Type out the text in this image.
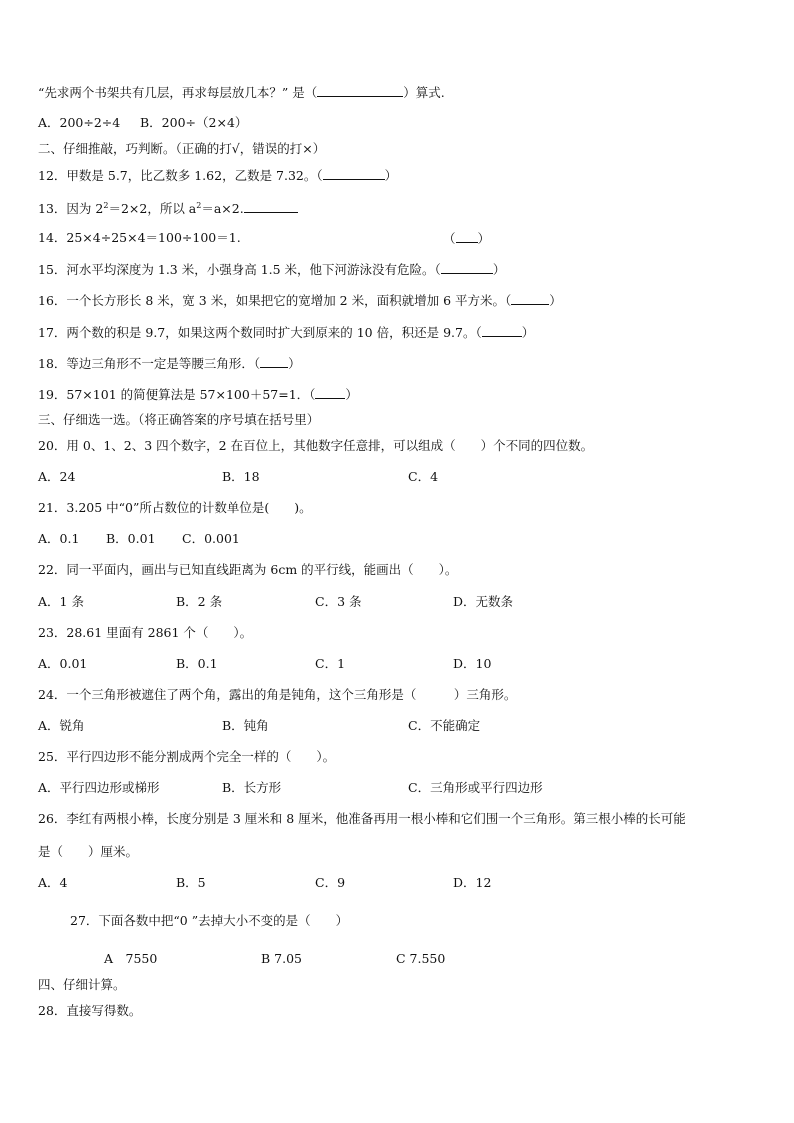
“先求两个书架共有几层，再求每层放几本？” 是（	）算式.
A．200÷2÷4 B．200÷（2×4）
二、仔细推敲，巧判断。（正确的打√，错误的打×）
12．甲数是 5.7，比乙数多 1.62，乙数是 7.32。（	）
13．因为 $2^2=2\times 2$，所以 $a^2=a\times 2$.
14．25×4÷25×4＝100÷100＝1.	（ ）
15．河水平均深度为 1.3 米，小强身高 1.5 米，他下河游泳没有危险。（	）
16．一个长方形长 8 米，宽 3 米，如果把它的宽增加 2 米，面积就增加 6 平方米。（	）
17．两个数的积是 9.7，如果这两个数同时扩大到原来的 10 倍，积还是 9.7。（	）
18．等边三角形不一定是等腰三角形．（ ）
19．57×101 的简便算法是 57×100＋57=1．（ ）
三、仔细选一选。（将正确答案的序号填在括号里）
20．用 0、1、2、3 四个数字，2 在百位上，其他数字任意排，可以组成（　　）个不同的四位数。
A．24	B．18	C．4
21．3.205 中“0”所占数位的计数单位是(　　)。
A．0.1 B．0.01 C．0.001
22．同一平面内，画出与已知直线距离为 6cm 的平行线，能画出（　　）。
A．1 条	B．2 条	C．3 条	D．无数条
23．28.61 里面有 2861 个（　　）。
A．0.01	B．0.1	C．1	D．10
24．一个三角形被遮住了两个角，露出的角是钝角，这个三角形是（　　　）三角形。
A．锐角	B．钝角	C．不能确定
25．平行四边形不能分割成两个完全一样的（　　）。
A．平行四边形或梯形	B．长方形	C．三角形或平行四边形
26．李红有两根小棒，长度分别是 3 厘米和 8 厘米，他准备再用一根小棒和它们围一个三角形。第三根小棒的长可能
是（　　）厘米。
A．4	B．5	C．9	D．12
27．下面各数中把“0 ”去掉大小不变的是（　　）
A　7550	B 7.05	C 7.550
四、仔细计算。
28．直接写得数。
